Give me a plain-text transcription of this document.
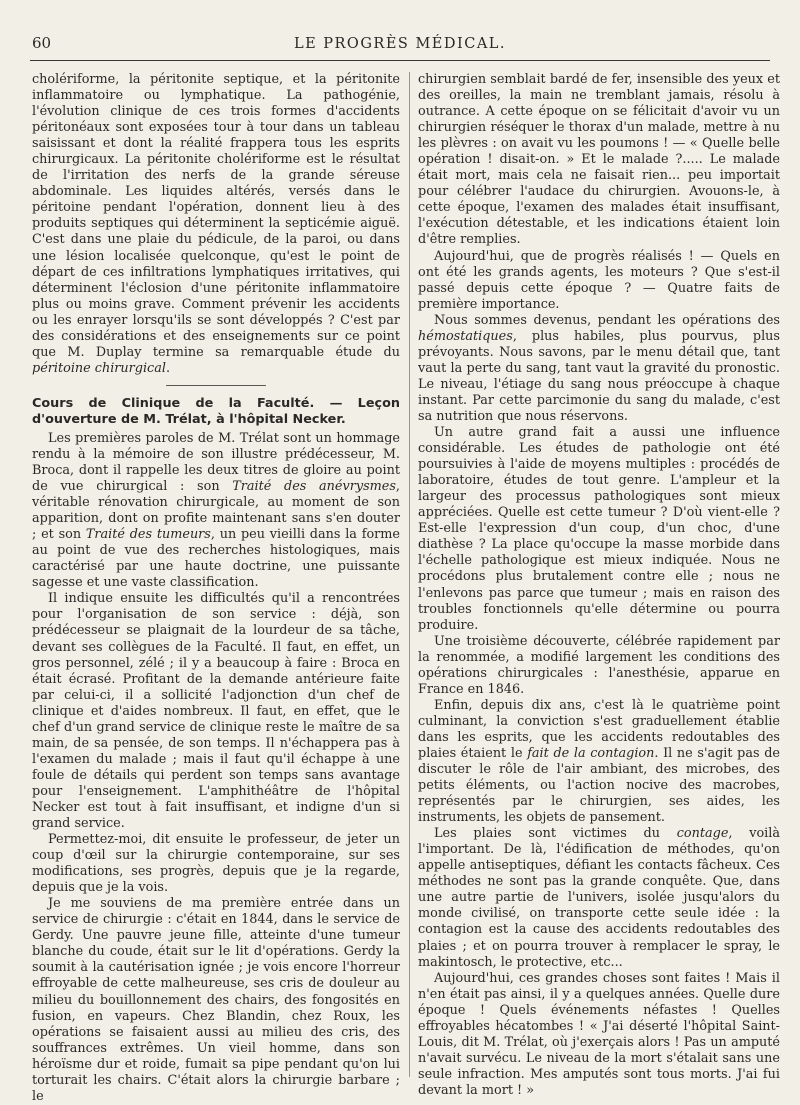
60	LE PROGRÈS MÉDICAL.

cholériforme, la péritonite septique, et la péritonite inflammatoire ou lymphatique. La pathogénie, l'évolution clinique de ces trois formes d'accidents péritonéaux sont exposées tour à tour dans un tableau saisissant et dont la réalité frappera tous les esprits chirurgicaux. La péritonite cholériforme est le résultat de l'irritation des nerfs de la grande séreuse abdominale. Les liquides altérés, versés dans le péritoine pendant l'opération, donnent lieu à des produits septiques qui déterminent la septicémie aiguë. C'est dans une plaie du pédicule, de la paroi, ou dans une lésion localisée quelconque, qu'est le point de départ de ces infiltrations lymphatiques irritatives, qui déterminent l'éclosion d'une péritonite inflammatoire plus ou moins grave. Comment prévenir les accidents ou les enrayer lorsqu'ils se sont développés ? C'est par des considérations et des enseignements sur ce point que M. Duplay termine sa remarquable étude du péritoine chirurgical.

Cours de Clinique de la Faculté. — Leçon d'ouverture de M. Trélat, à l'hôpital Necker.

Les premières paroles de M. Trélat sont un hommage rendu à la mémoire de son illustre prédécesseur, M. Broca, dont il rappelle les deux titres de gloire au point de vue chirurgical : son Traité des anévrysmes, véritable rénovation chirurgicale, au moment de son apparition, dont on profite maintenant sans s'en douter ; et son Traité des tumeurs, un peu vieilli dans la forme au point de vue des recherches histologiques, mais caractérisé par une haute doctrine, une puissante sagesse et une vaste classification.

Il indique ensuite les difficultés qu'il a rencontrées pour l'organisation de son service : déjà, son prédécesseur se plaignait de la lourdeur de sa tâche, devant ses collègues de la Faculté. Il faut, en effet, un gros personnel, zélé ; il y a beaucoup à faire : Broca en était écrasé. Profitant de la demande antérieure faite par celui-ci, il a sollicité l'adjonction d'un chef de clinique et d'aides nombreux. Il faut, en effet, que le chef d'un grand service de clinique reste le maître de sa main, de sa pensée, de son temps. Il n'échappera pas à l'examen du malade ; mais il faut qu'il échappe à une foule de détails qui perdent son temps sans avantage pour l'enseignement. L'amphithéâtre de l'hôpital Necker est tout à fait insuffisant, et indigne d'un si grand service.

Permettez-moi, dit ensuite le professeur, de jeter un coup d'œil sur la chirurgie contemporaine, sur ses modifications, ses progrès, depuis que je la regarde, depuis que je la vois.

Je me souviens de ma première entrée dans un service de chirurgie : c'était en 1844, dans le service de Gerdy. Une pauvre jeune fille, atteinte d'une tumeur blanche du coude, était sur le lit d'opérations. Gerdy la soumit à la cautérisation ignée ; je vois encore l'horreur effroyable de cette malheureuse, ses cris de douleur au milieu du bouillonnement des chairs, des fongosités en fusion, en vapeurs. Chez Blandin, chez Roux, les opérations se faisaient aussi au milieu des cris, des souffrances extrêmes. Un vieil homme, dans son héroïsme dur et roide, fumait sa pipe pendant qu'on lui torturait les chairs. C'était alors la chirurgie barbare ; le

chirurgien semblait bardé de fer, insensible des yeux et des oreilles, la main ne tremblant jamais, résolu à outrance. A cette époque on se félicitait d'avoir vu un chirurgien réséquer le thorax d'un malade, mettre à nu les plèvres : on avait vu les poumons ! — « Quelle belle opération ! disait-on. » Et le malade ?..... Le malade était mort, mais cela ne faisait rien... peu importait pour célébrer l'audace du chirurgien. Avouons-le, à cette époque, l'examen des malades était insuffisant, l'exécution détestable, et les indications étaient loin d'être remplies.

Aujourd'hui, que de progrès réalisés ! — Quels en ont été les grands agents, les moteurs ? Que s'est-il passé depuis cette époque ? — Quatre faits de première importance.

Nous sommes devenus, pendant les opérations des hémostatiques, plus habiles, plus pourvus, plus prévoyants. Nous savons, par le menu détail que, tant vaut la perte du sang, tant vaut la gravité du pronostic. Le niveau, l'étiage du sang nous préoccupe à chaque instant. Par cette parcimonie du sang du malade, c'est sa nutrition que nous réservons.

Un autre grand fait a aussi une influence considérable. Les études de pathologie ont été poursuivies à l'aide de moyens multiples : procédés de laboratoire, études de tout genre. L'ampleur et la largeur des processus pathologiques sont mieux appréciées. Quelle est cette tumeur ? D'où vient-elle ? Est-elle l'expression d'un coup, d'un choc, d'une diathèse ? La place qu'occupe la masse morbide dans l'échelle pathologique est mieux indiquée. Nous ne procédons plus brutalement contre elle ; nous ne l'enlevons pas parce que tumeur ; mais en raison des troubles fonctionnels qu'elle détermine ou pourra produire.

Une troisième découverte, célébrée rapidement par la renommée, a modifié largement les conditions des opérations chirurgicales : l'anesthésie, apparue en France en 1846.

Enfin, depuis dix ans, c'est là le quatrième point culminant, la conviction s'est graduellement établie dans les esprits, que les accidents redoutables des plaies étaient le fait de la contagion. Il ne s'agit pas de discuter le rôle de l'air ambiant, des microbes, des petits éléments, ou l'action nocive des macrobes, représentés par le chirurgien, ses aides, les instruments, les objets de pansement.

Les plaies sont victimes du contage, voilà l'important. De là, l'édification de méthodes, qu'on appelle antiseptiques, défiant les contacts fâcheux. Ces méthodes ne sont pas la grande conquête. Que, dans une autre partie de l'univers, isolée jusqu'alors du monde civilisé, on transporte cette seule idée : la contagion est la cause des accidents redoutables des plaies ; et on pourra trouver à remplacer le spray, le makintosch, le protective, etc...

Aujourd'hui, ces grandes choses sont faites ! Mais il n'en était pas ainsi, il y a quelques années. Quelle dure époque ! Quels événements néfastes ! Quelles effroyables hécatombes ! « J'ai déserté l'hôpital Saint-Louis, dit M. Trélat, où j'exerçais alors ! Pas un amputé n'avait survécu. Le niveau de la mort s'étalait sans une seule infraction. Mes amputés sont tous morts. J'ai fui devant la mort ! »
